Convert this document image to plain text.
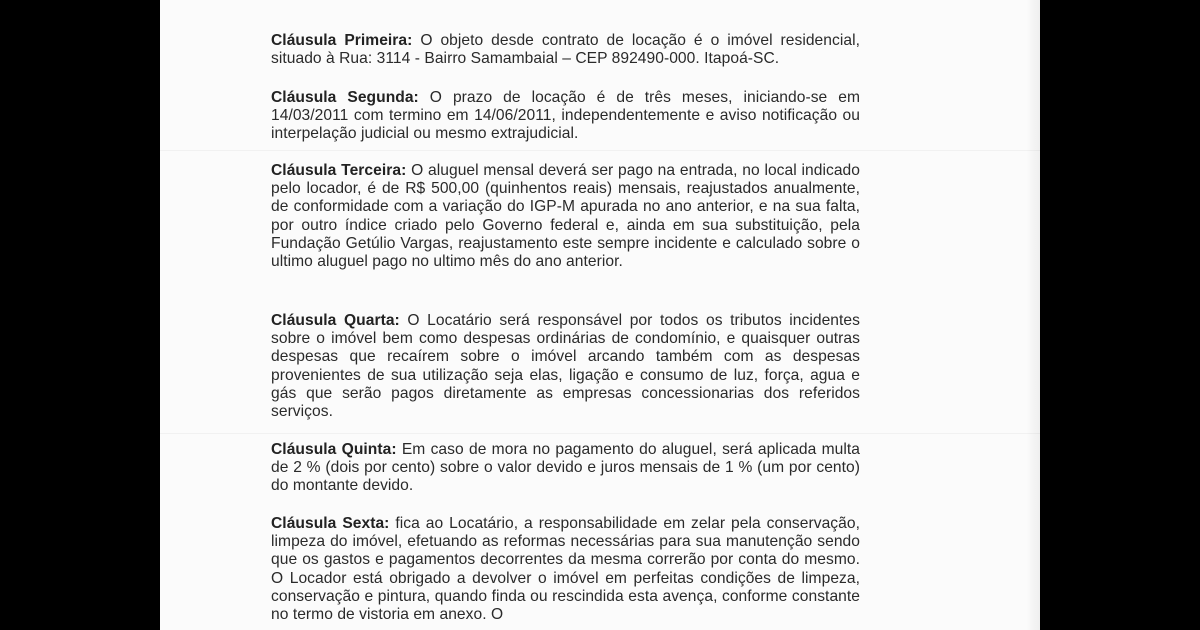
Cláusula Primeira: O objeto desde contrato de locação é o imóvel residencial, situado à Rua: 3114 - Bairro Samambaial – CEP 892490-000. Itapoá-SC.

Cláusula Segunda: O prazo de locação é de três meses, iniciando-se em 14/03/2011 com termino em 14/06/2011, independentemente e aviso notificação ou interpelação judicial ou mesmo extrajudicial.

Cláusula Terceira: O aluguel mensal deverá ser pago na entrada, no local indicado pelo locador, é de R$ 500,00 (quinhentos reais) mensais, reajustados anualmente, de conformidade com a variação do IGP-M apurada no ano anterior, e na sua falta, por outro índice criado pelo Governo federal e, ainda em sua substituição, pela Fundação Getúlio Vargas, reajustamento este sempre incidente e calculado sobre o ultimo aluguel pago no ultimo mês do ano anterior.

Cláusula Quarta: O Locatário será responsável por todos os tributos incidentes sobre o imóvel bem como despesas ordinárias de condomínio, e quaisquer outras despesas que recaírem sobre o imóvel arcando também com as despesas provenientes de sua utilização seja elas, ligação e consumo de luz, força, agua e gás que serão pagos diretamente as empresas concessionarias dos referidos serviços.

Cláusula Quinta: Em caso de mora no pagamento do aluguel, será aplicada multa de 2 % (dois por cento) sobre o valor devido e juros mensais de 1 % (um por cento) do montante devido.

Cláusula Sexta: fica ao Locatário, a responsabilidade em zelar pela conservação, limpeza do imóvel, efetuando as reformas necessárias para sua manutenção sendo que os gastos e pagamentos decorrentes da mesma correrão por conta do mesmo. O Locador está obrigado a devolver o imóvel em perfeitas condições de limpeza, conservação e pintura, quando finda ou rescindida esta avença, conforme constante no termo de vistoria em anexo. O
